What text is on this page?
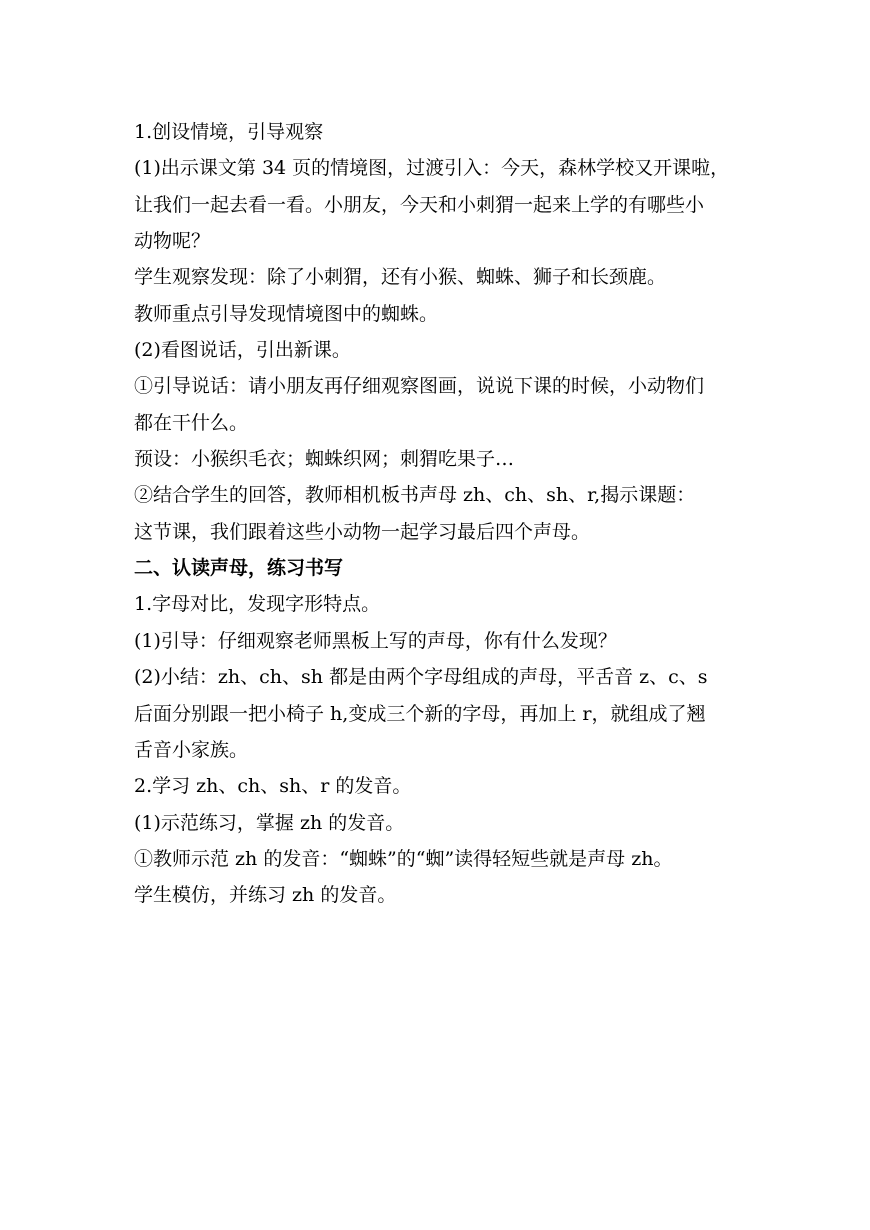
1.创设情境，引导观察
(1)出示课文第 34 页的情境图，过渡引入：今天，森林学校又开课啦，
让我们一起去看一看。小朋友，今天和小刺猬一起来上学的有哪些小
动物呢？
学生观察发现：除了小刺猬，还有小猴、蜘蛛、狮子和长颈鹿。
教师重点引导发现情境图中的蜘蛛。
(2)看图说话，引出新课。
①引导说话：请小朋友再仔细观察图画，说说下课的时候，小动物们
都在干什么。
预设：小猴织毛衣；蜘蛛织网；刺猬吃果子…
②结合学生的回答，教师相机板书声母 zh、ch、sh、r,揭示课题：
这节课，我们跟着这些小动物一起学习最后四个声母。
二、认读声母，练习书写
1.字母对比，发现字形特点。
(1)引导：仔细观察老师黑板上写的声母，你有什么发现？
(2)小结：zh、ch、sh 都是由两个字母组成的声母，平舌音 z、c、s
后面分别跟一把小椅子 h,变成三个新的字母，再加上 r，就组成了翘
舌音小家族。
2.学习 zh、ch、sh、r 的发音。
(1)示范练习，掌握 zh 的发音。
①教师示范 zh 的发音：“蜘蛛”的“蜘”读得轻短些就是声母 zh。
学生模仿，并练习 zh 的发音。
